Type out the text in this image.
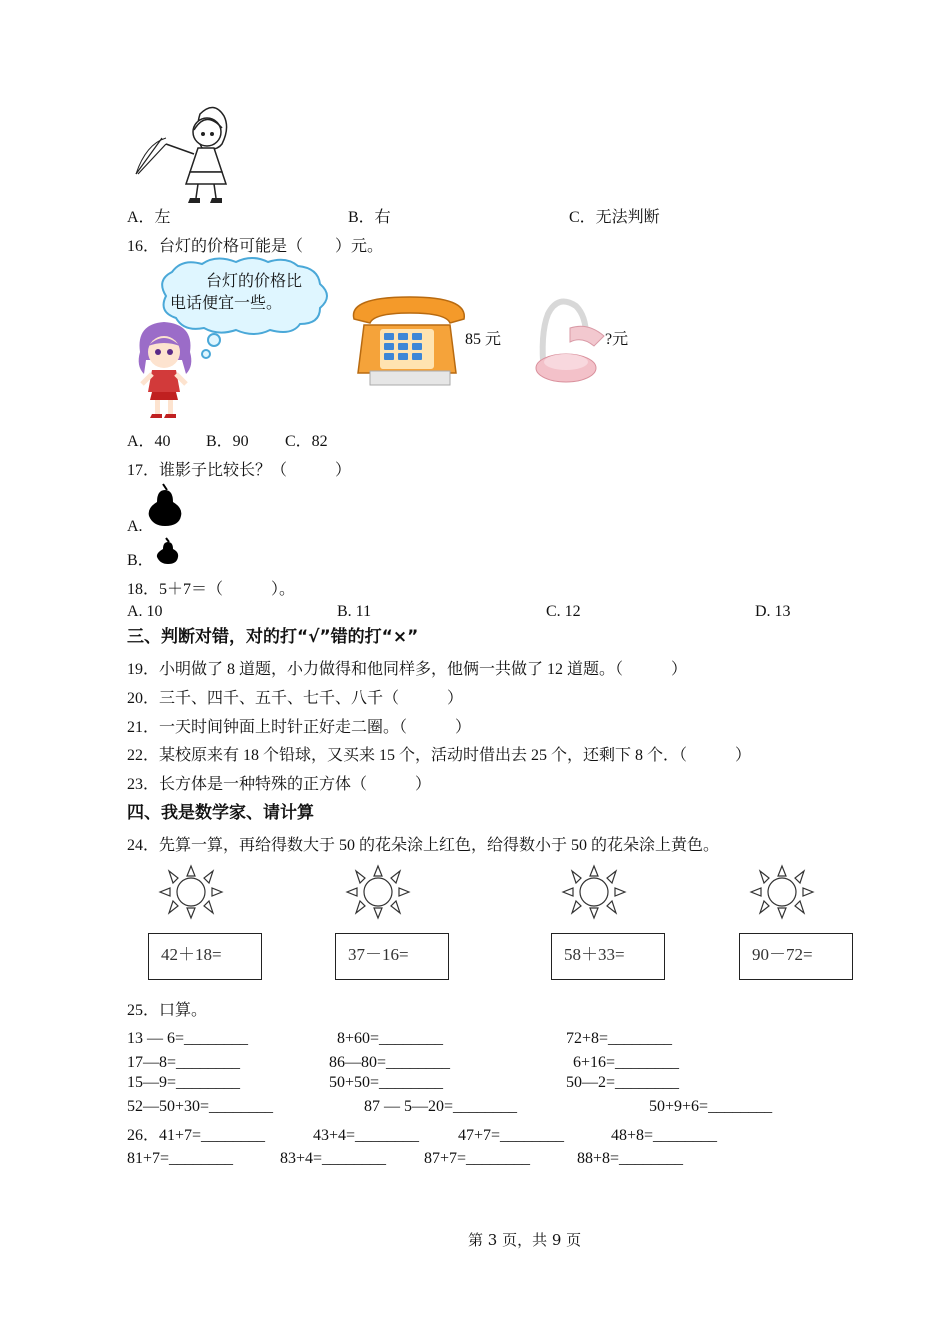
A．左	B．右	C．无法判断
16．台灯的价格可能是（　　）元。
台灯的价格比
电话便宜一些。
85 元	?元
A．40 B．90 C．82
17．谁影子比较长？（　　　）
A.
B．
18．5＋7＝（　　　）。
A. 10	B. 11	C. 12	D. 13
三、判断对错，对的打“√”错的打“×”
19．小明做了 8 道题，小力做得和他同样多，他俩一共做了 12 道题。（　　　）
20．三千、四千、五千、七千、八千（　　　）
21．一天时间钟面上时针正好走二圈。（　　　）
22．某校原来有 18 个铅球，又买来 15 个，活动时借出去 25 个，还剩下 8 个．（　　　）
23．长方体是一种特殊的正方体（　　　）
四、我是数学家、请计算
24．先算一算，再给得数大于 50 的花朵涂上红色，给得数小于 50 的花朵涂上黄色。
42＋18=	37－16=	58＋33=	90－72=
25．口算。
13 — 6=________	8+60=________	72+8=________
17—8=________	86—80=________	6+16=________
15—9=________	50+50=________	50—2=________
52—50+30=________	87 — 5—20=________	50+9+6=________
26．41+7=________	43+4=________ 47+7=________	48+8=________
81+7=________	83+4=________ 87+7=________	88+8=________
第 3 页，共 9 页
